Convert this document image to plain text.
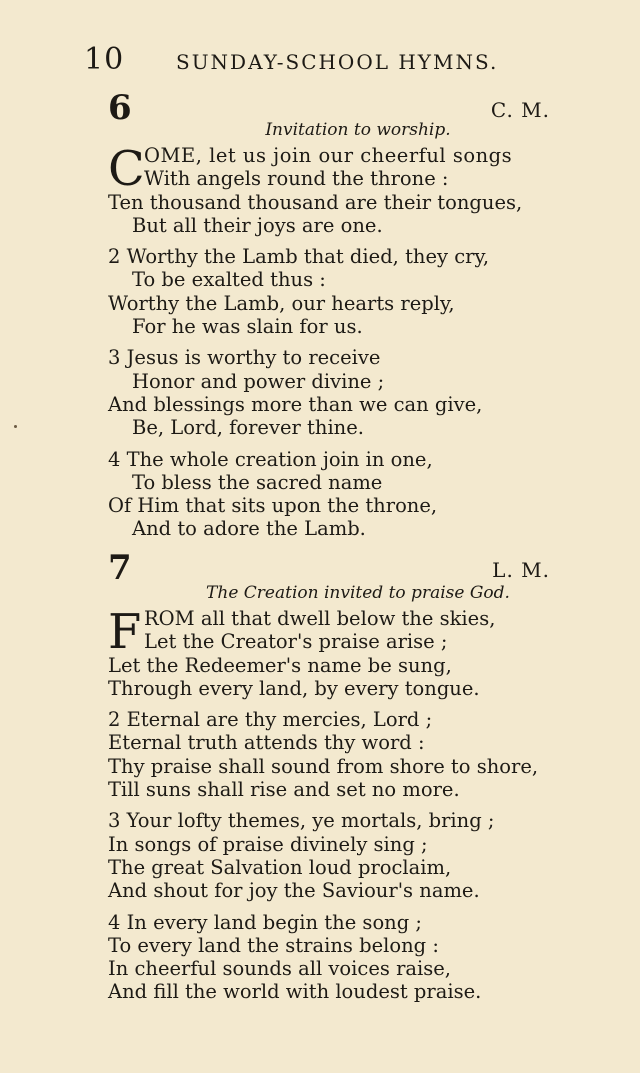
10	SUNDAY-SCHOOL HYMNS.
6	C. M.
Invitation to worship.
C OME, let us join our cheerful songs
With angels round the throne :
Ten thousand thousand are their tongues,
But all their joys are one.
2 Worthy the Lamb that died, they cry,
To be exalted thus :
Worthy the Lamb, our hearts reply,
For he was slain for us.
3 Jesus is worthy to receive
Honor and power divine ;
And blessings more than we can give,
Be, Lord, forever thine.
4 The whole creation join in one,
To bless the sacred name
Of Him that sits upon the throne,
And to adore the Lamb.
7	L. M.
The Creation invited to praise God.
F ROM all that dwell below the skies,
Let the Creator's praise arise ;
Let the Redeemer's name be sung,
Through every land, by every tongue.
2 Eternal are thy mercies, Lord ;
Eternal truth attends thy word :
Thy praise shall sound from shore to shore,
Till suns shall rise and set no more.
3 Your lofty themes, ye mortals, bring ;
In songs of praise divinely sing ;
The great Salvation loud proclaim,
And shout for joy the Saviour's name.
4 In every land begin the song ;
To every land the strains belong :
In cheerful sounds all voices raise,
And fill the world with loudest praise.
